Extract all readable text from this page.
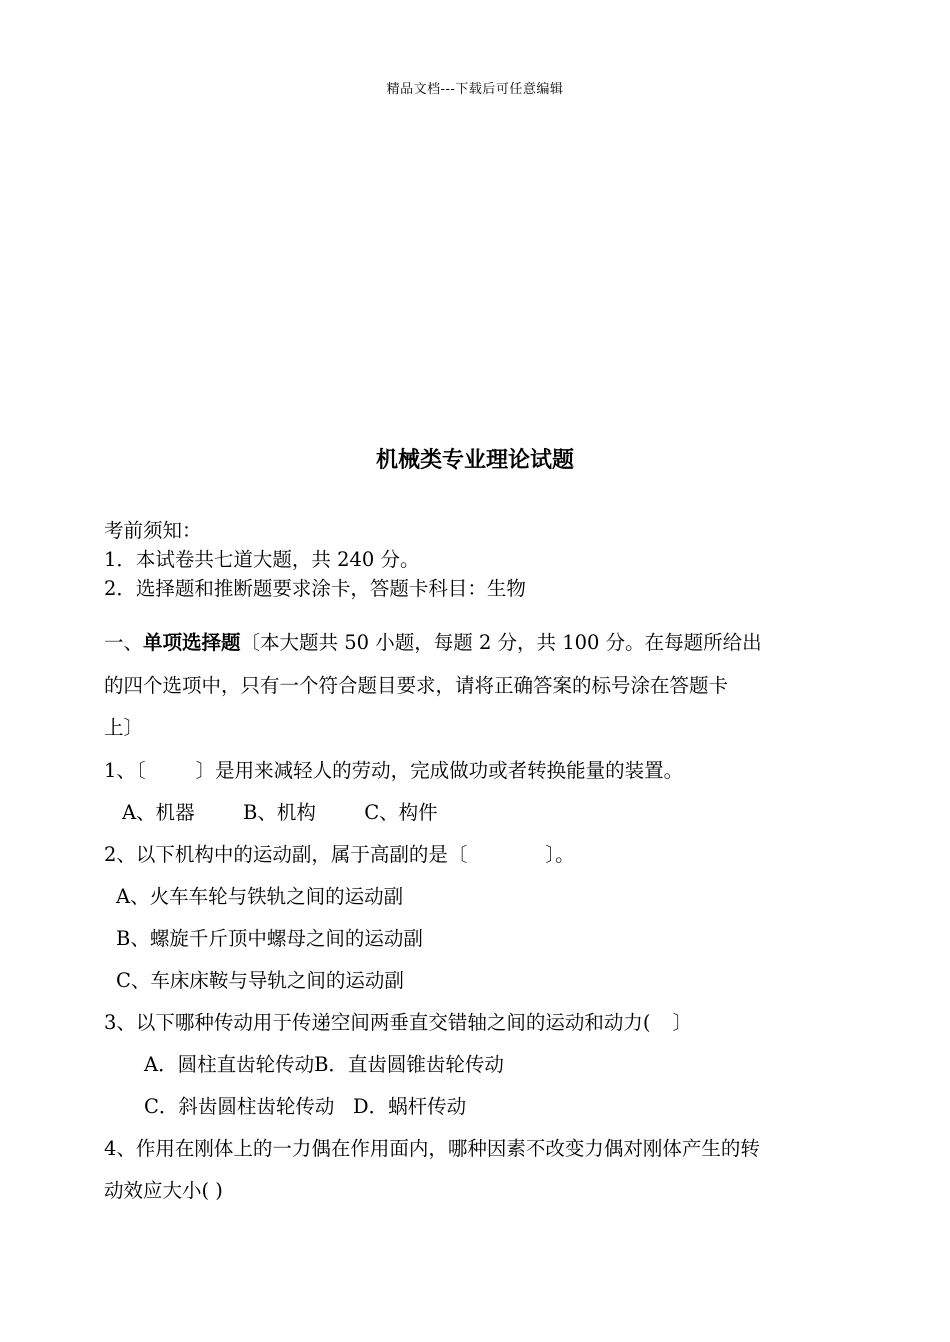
精品文档---下载后可任意编辑
机械类专业理论试题
考前须知：
1．本试卷共七道大题，共 240 分。
2．选择题和推断题要求涂卡，答题卡科目：生物
一、单项选择题〔本大题共 50 小题，每题 2 分，共 100 分。在每题所给出
的四个选项中，只有一个符合题目要求，请将正确答案的标号涂在答题卡
上〕
1、〔	〕是用来减轻人的劳动，完成做功或者转换能量的装置。
A、机器 B、机构 C、构件
2、以下机构中的运动副，属于高副的是〔	〕。
A、火车车轮与铁轨之间的运动副
B、螺旋千斤顶中螺母之间的运动副
C、车床床鞍与导轨之间的运动副
3、以下哪种传动用于传递空间两垂直交错轴之间的运动和动力( 〕
A．圆柱直齿轮传动B．直齿圆锥齿轮传动
C．斜齿圆柱齿轮传动   D．蜗杆传动
4、作用在刚体上的一力偶在作用面内，哪种因素不改变力偶对刚体产生的转
动效应大小( )
